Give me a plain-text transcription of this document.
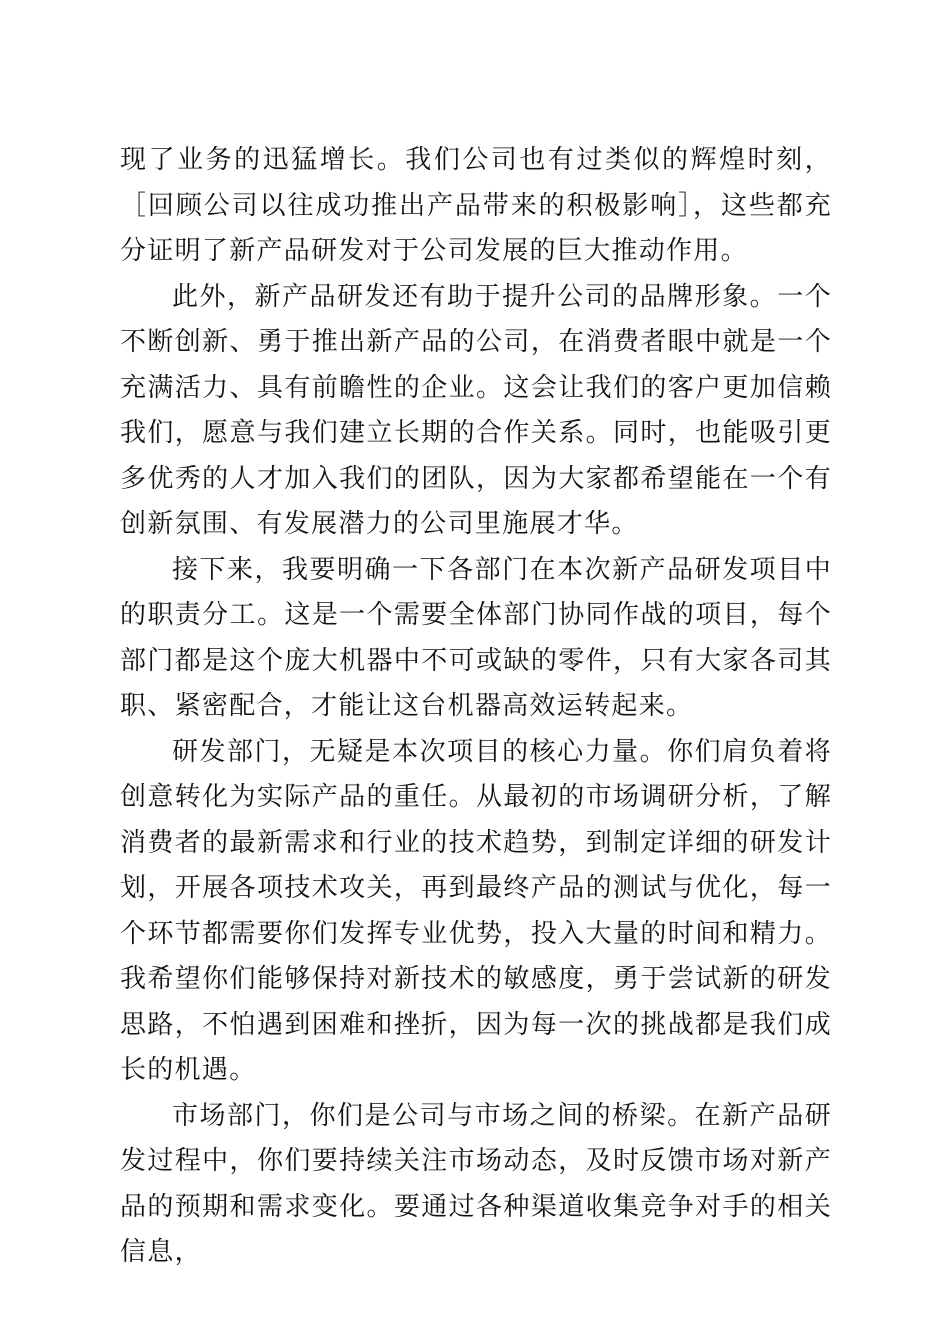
现了业务的迅猛增长。我们公司也有过类似的辉煌时刻，［回顾公司以往成功推出产品带来的积极影响］，这些都充分证明了新产品研发对于公司发展的巨大推动作用。

此外，新产品研发还有助于提升公司的品牌形象。一个不断创新、勇于推出新产品的公司，在消费者眼中就是一个充满活力、具有前瞻性的企业。这会让我们的客户更加信赖我们，愿意与我们建立长期的合作关系。同时，也能吸引更多优秀的人才加入我们的团队，因为大家都希望能在一个有创新氛围、有发展潜力的公司里施展才华。

接下来，我要明确一下各部门在本次新产品研发项目中的职责分工。这是一个需要全体部门协同作战的项目，每个部门都是这个庞大机器中不可或缺的零件，只有大家各司其职、紧密配合，才能让这台机器高效运转起来。

研发部门，无疑是本次项目的核心力量。你们肩负着将创意转化为实际产品的重任。从最初的市场调研分析，了解消费者的最新需求和行业的技术趋势，到制定详细的研发计划，开展各项技术攻关，再到最终产品的测试与优化，每一个环节都需要你们发挥专业优势，投入大量的时间和精力。我希望你们能够保持对新技术的敏感度，勇于尝试新的研发思路，不怕遇到困难和挫折，因为每一次的挑战都是我们成长的机遇。

市场部门，你们是公司与市场之间的桥梁。在新产品研发过程中，你们要持续关注市场动态，及时反馈市场对新产品的预期和需求变化。要通过各种渠道收集竞争对手的相关信息，
